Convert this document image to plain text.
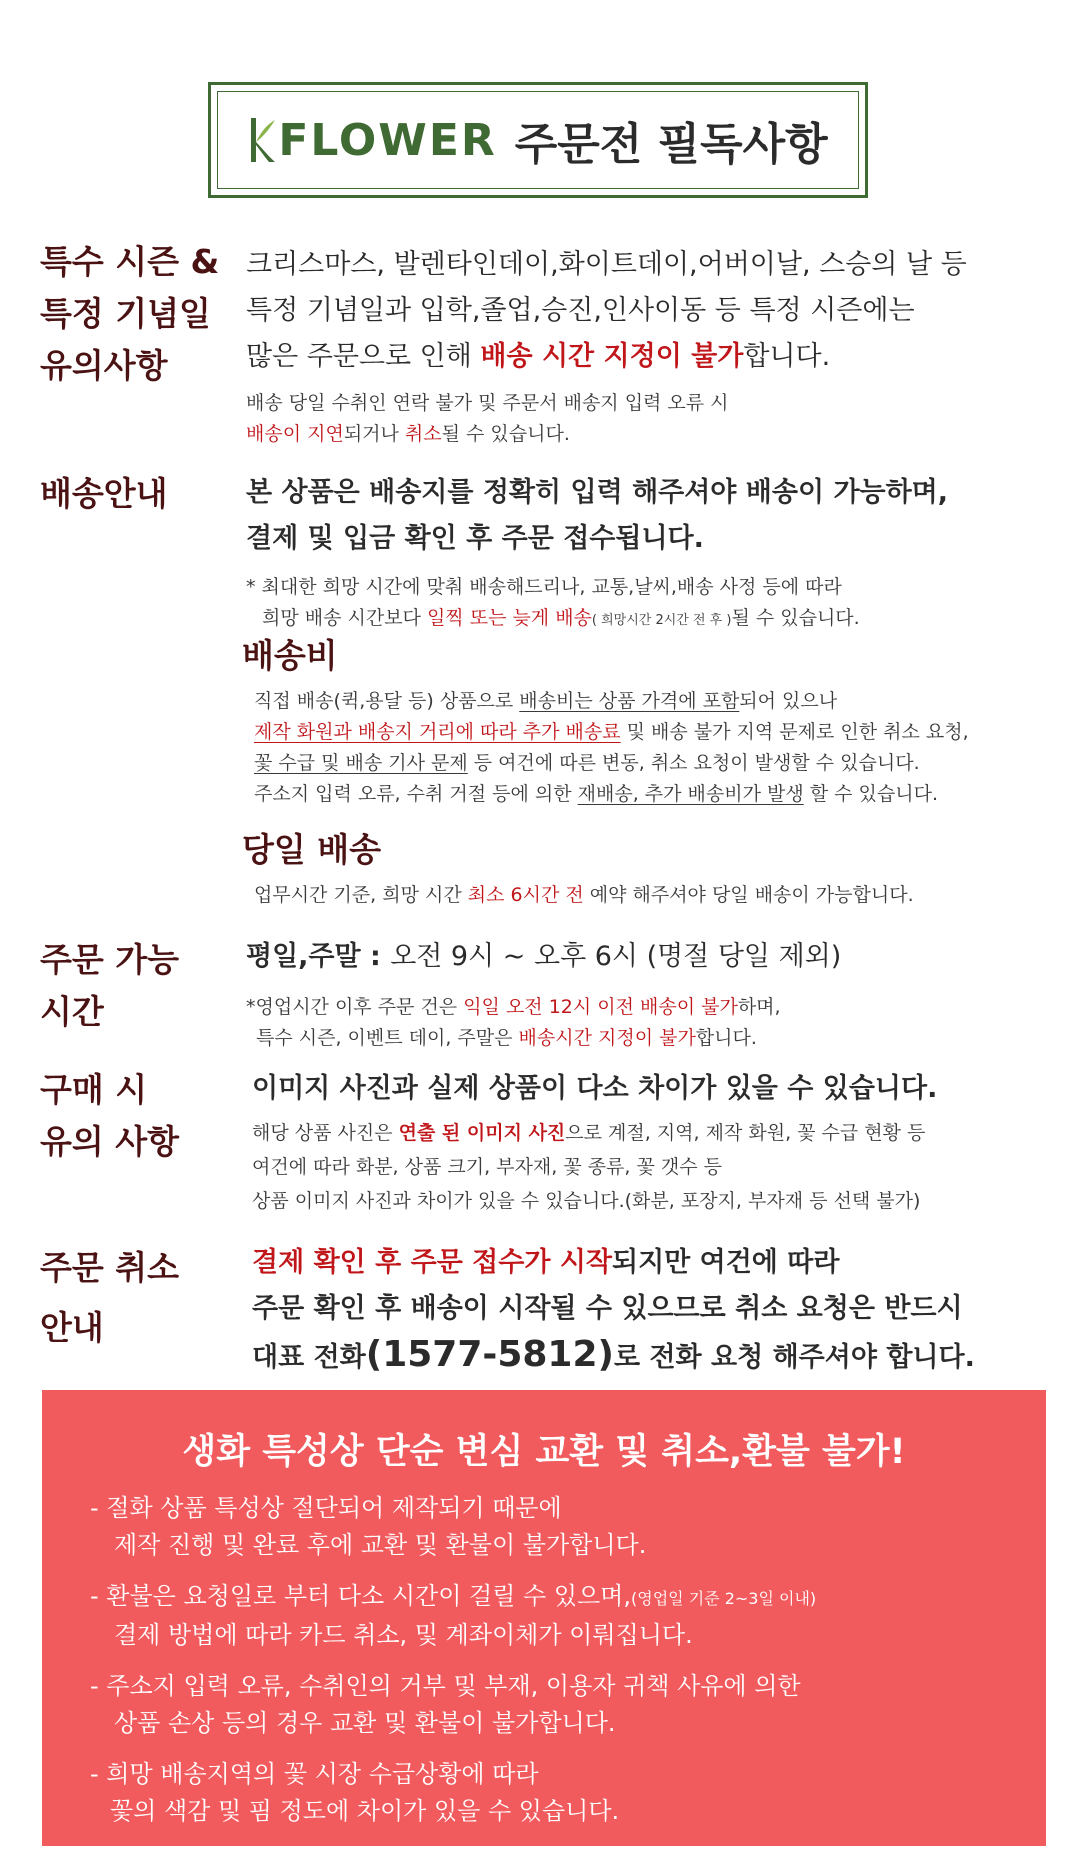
FLOWER 주문전 필독사항
특수 시즌 &
특정 기념일
유의사항
크리스마스, 발렌타인데이,화이트데이,어버이날, 스승의 날 등
특정 기념일과 입학,졸업,승진,인사이동 등 특정 시즌에는
많은 주문으로 인해 배송 시간 지정이 불가합니다.
배송 당일 수취인 연락 불가 및 주문서 배송지 입력 오류 시
배송이 지연되거나 취소될 수 있습니다.
배송안내	본 상품은 배송지를 정확히 입력 해주셔야 배송이 가능하며,
결제 및 입금 확인 후 주문 접수됩니다.
* 최대한 희망 시간에 맞춰 배송해드리나, 교통,날씨,배송 사정 등에 따라
희망 배송 시간보다 일찍 또는 늦게 배송( 희망시간 2시간 전 후 )될 수 있습니다.
배송비
직접 배송(퀵,용달 등) 상품으로 배송비는 상품 가격에 포함되어 있으나
제작 화원과 배송지 거리에 따라 추가 배송료 및 배송 불가 지역 문제로 인한 취소 요청,
꽃 수급 및 배송 기사 문제 등 여건에 따른 변동, 취소 요청이 발생할 수 있습니다.
주소지 입력 오류, 수취 거절 등에 의한 재배송, 추가 배송비가 발생 할 수 있습니다.
당일 배송
업무시간 기준, 희망 시간 최소 6시간 전 예약 해주셔야 당일 배송이 가능합니다.
주문 가능
시간
평일,주말 : 오전 9시 ~ 오후 6시 (명절 당일 제외)
*영업시간 이후 주문 건은 익일 오전 12시 이전 배송이 불가하며,
특수 시즌, 이벤트 데이, 주말은 배송시간 지정이 불가합니다.
구매 시
유의 사항
이미지 사진과 실제 상품이 다소 차이가 있을 수 있습니다.
해당 상품 사진은 연출 된 이미지 사진으로 계절, 지역, 제작 화원, 꽃 수급 현황 등
여건에 따라 화분, 상품 크기, 부자재, 꽃 종류, 꽃 갯수 등
상품 이미지 사진과 차이가 있을 수 있습니다.(화분, 포장지, 부자재 등 선택 불가)
주문 취소
안내
결제 확인 후 주문 접수가 시작되지만 여건에 따라
주문 확인 후 배송이 시작될 수 있으므로 취소 요청은 반드시
대표 전화(1577-5812)로 전화 요청 해주셔야 합니다.
생화 특성상 단순 변심 교환 및 취소,환불 불가!
- 절화 상품 특성상 절단되어 제작되기 때문에
제작 진행 및 완료 후에 교환 및 환불이 불가합니다.
- 환불은 요청일로 부터 다소 시간이 걸릴 수 있으며,(영업일 기준 2~3일 이내)
결제 방법에 따라 카드 취소, 및 계좌이체가 이뤄집니다.
- 주소지 입력 오류, 수취인의 거부 및 부재, 이용자 귀책 사유에 의한
상품 손상 등의 경우 교환 및 환불이 불가합니다.
- 희망 배송지역의 꽃 시장 수급상황에 따라
꽃의 색감 및 핌 정도에 차이가 있을 수 있습니다.
